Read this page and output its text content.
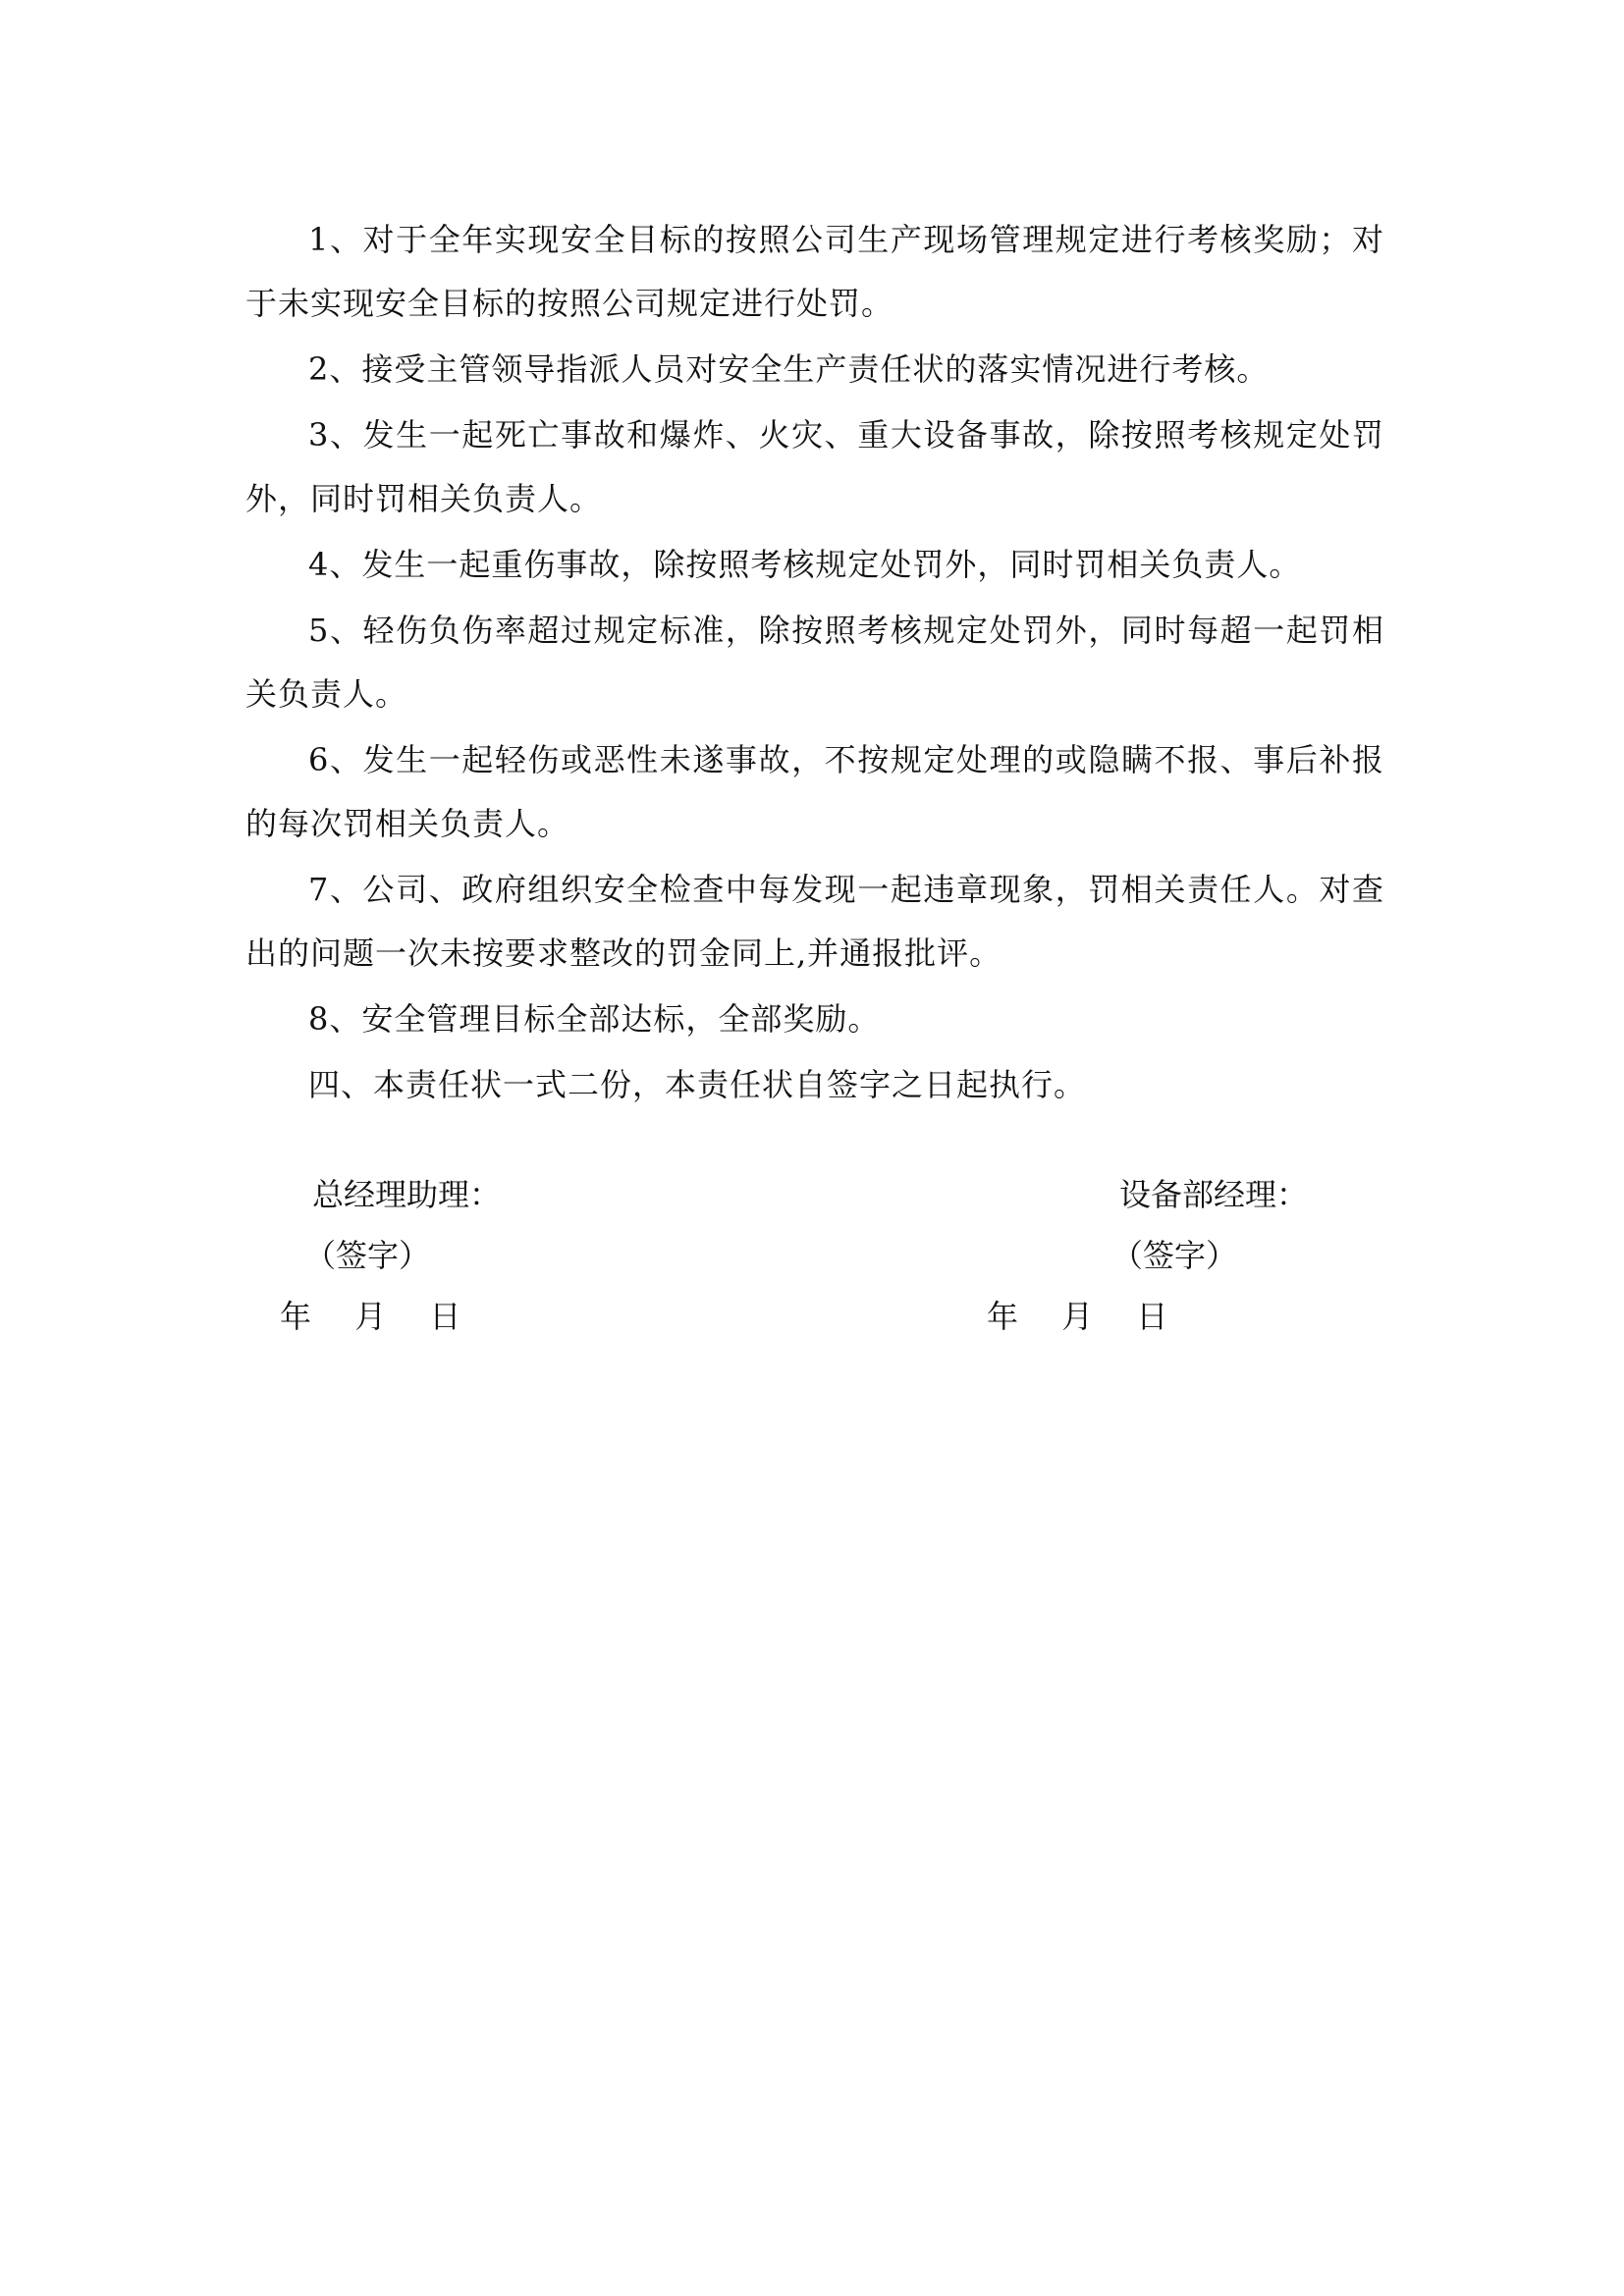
1、对于全年实现安全目标的按照公司生产现场管理规定进行考核奖励；对于未实现安全目标的按照公司规定进行处罚。

2、接受主管领导指派人员对安全生产责任状的落实情况进行考核。

3、发生一起死亡事故和爆炸、火灾、重大设备事故，除按照考核规定处罚外，同时罚相关负责人。

4、发生一起重伤事故，除按照考核规定处罚外，同时罚相关负责人。

5、轻伤负伤率超过规定标准，除按照考核规定处罚外，同时每超一起罚相关负责人。

6、发生一起轻伤或恶性未遂事故，不按规定处理的或隐瞒不报、事后补报的每次罚相关负责人。

7、公司、政府组织安全检查中每发现一起违章现象，罚相关责任人。对查出的问题一次未按要求整改的罚金同上,并通报批评。

8、安全管理目标全部达标，全部奖励。

四、本责任状一式二份，本责任状自签字之日起执行。

总经理助理：
（签字）
设备部经理：
（签字）
年 月 日	年 月 日
